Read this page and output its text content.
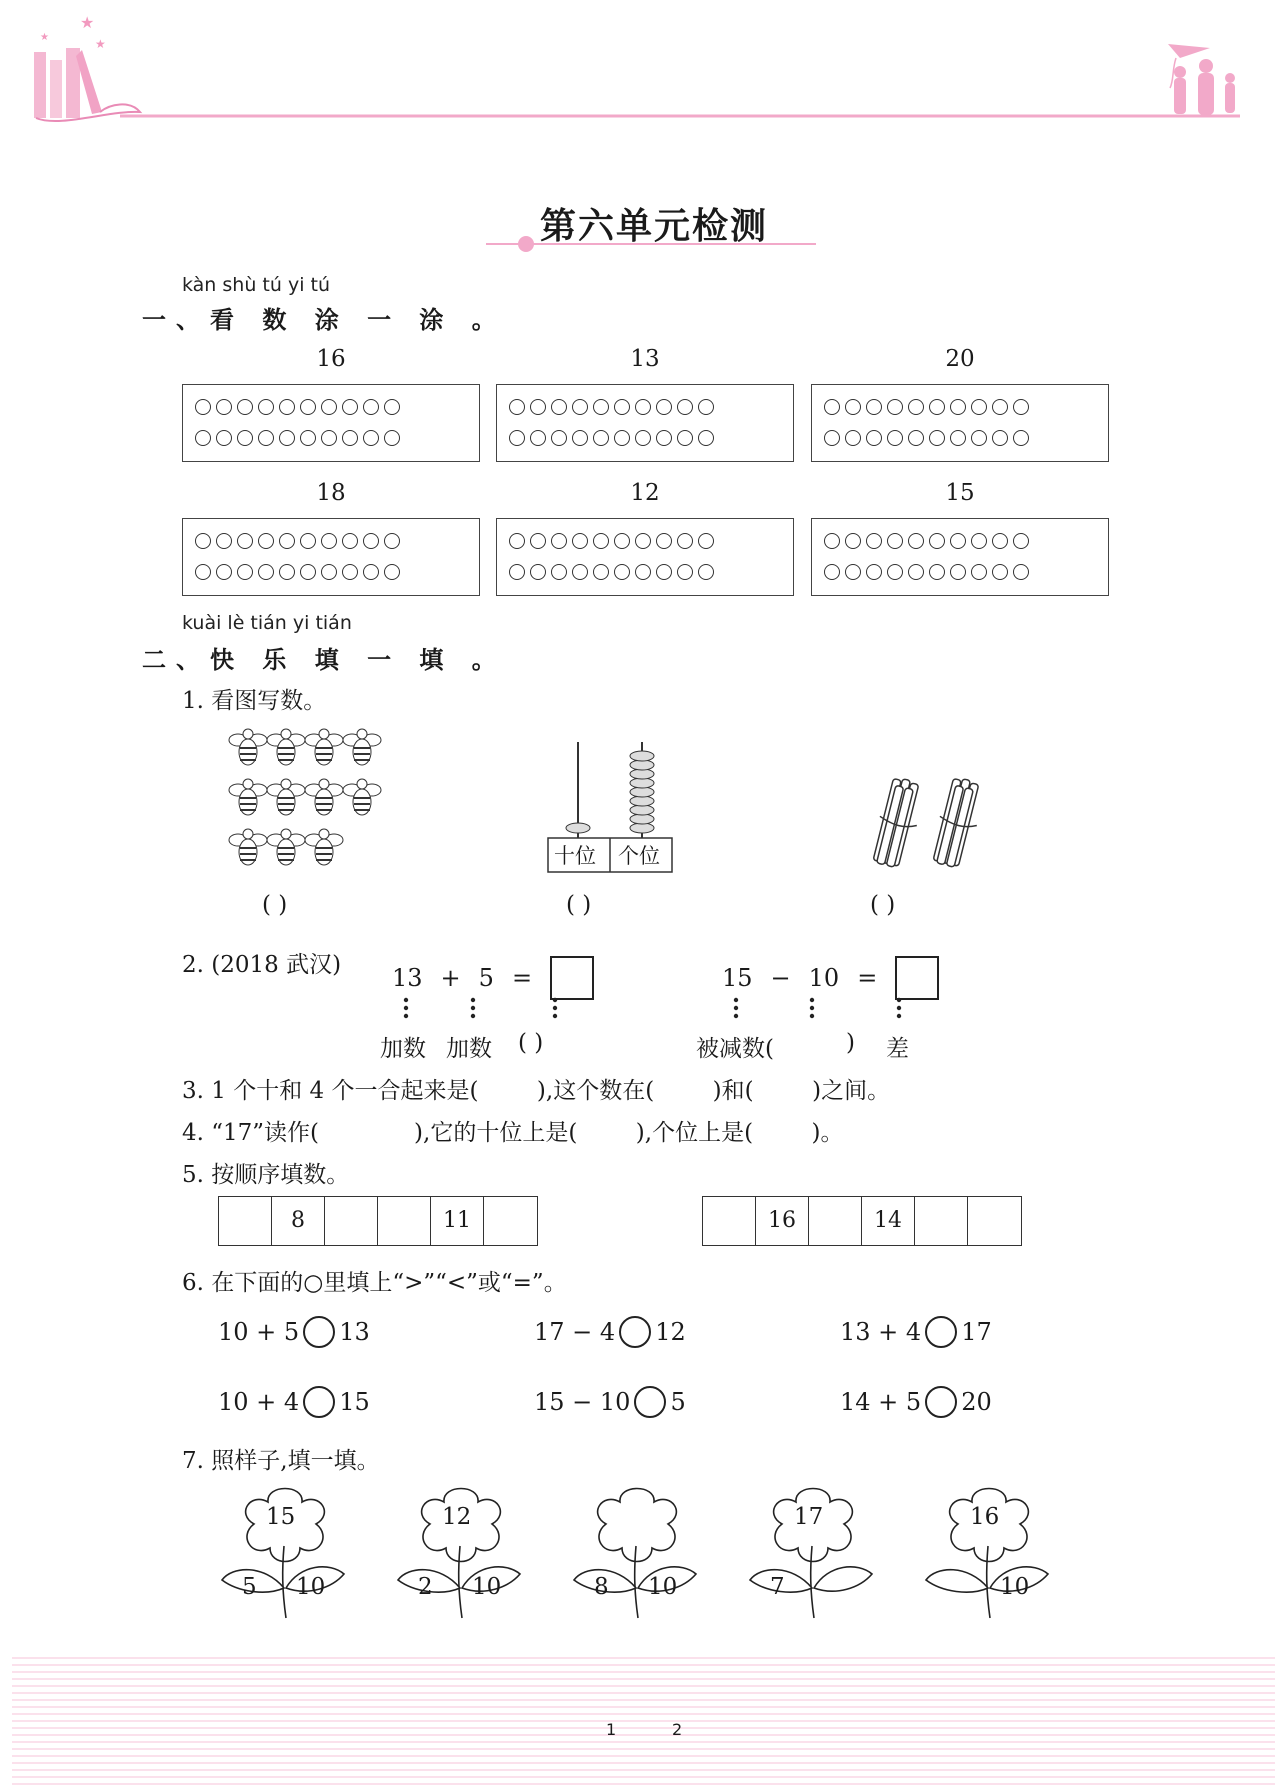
★
★
★
第六单元检测
kàn shù tú yi tú
一、看 数 涂 一 涂 。
16	13	20
18	12	15
kuài lè tián yi tián
二、快 乐 填 一 填 。
1. 看图写数。
十位 个位
( )	( )	( )
2. (2018 武汉) 13 + 5 =	15 − 10 =
加数 加数 ( )	被减数(	) 差
3. 1 个十和 4 个一合起来是(        ),这个数在(        )和(        )之间。
4. “17”读作(             ),它的十位上是(        ),个位上是(        )。
5. 按顺序填数。
8	11	16	14
6. 在下面的○里填上“>”“<”或“=”。
10 + 5 13	17 − 4 12	13 + 4 17
10 + 4 15	15 − 10 5	14 + 5 20
7. 照样子,填一填。
15
5 10
12
2 10	8 10
17
7
16
10
1	2
